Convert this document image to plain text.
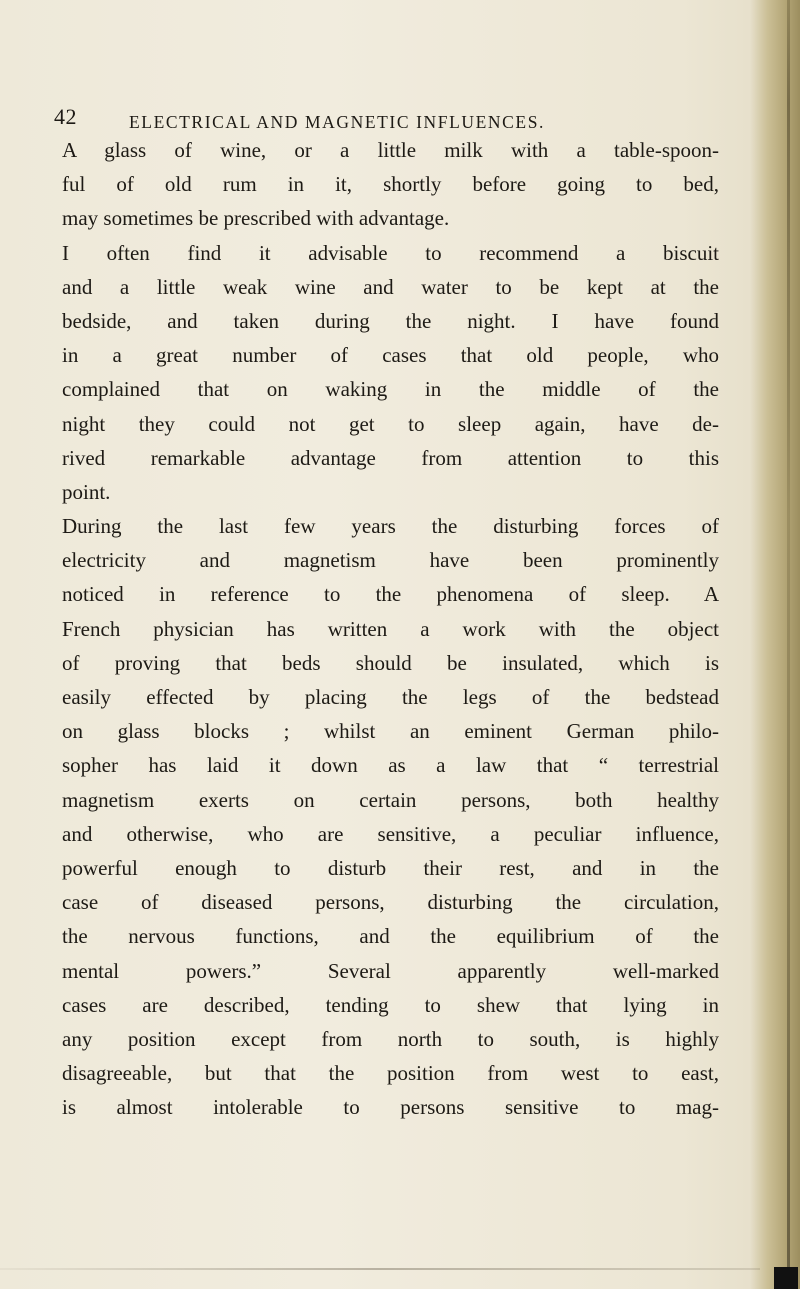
42	ELECTRICAL AND MAGNETIC INFLUENCES.
A glass of wine, or a little milk with a table-spoon-
ful of old rum in it, shortly before going to bed,
may sometimes be prescribed with advantage.
I often find it advisable to recommend a biscuit
and a little weak wine and water to be kept at the
bedside, and taken during the night. I have found
in a great number of cases that old people, who
complained that on waking in the middle of the
night they could not get to sleep again, have de-
rived remarkable advantage from attention to this
point.
During the last few years the disturbing forces of
electricity and magnetism have been prominently
noticed in reference to the phenomena of sleep. A
French physician has written a work with the object
of proving that beds should be insulated, which is
easily effected by placing the legs of the bedstead
on glass blocks ; whilst an eminent German philo-
sopher has laid it down as a law that “ terrestrial
magnetism exerts on certain persons, both healthy
and otherwise, who are sensitive, a peculiar influence,
powerful enough to disturb their rest, and in the
case of diseased persons, disturbing the circulation,
the nervous functions, and the equilibrium of the
mental powers.” Several apparently well-marked
cases are described, tending to shew that lying in
any position except from north to south, is highly
disagreeable, but that the position from west to east,
is almost intolerable to persons sensitive to mag-
